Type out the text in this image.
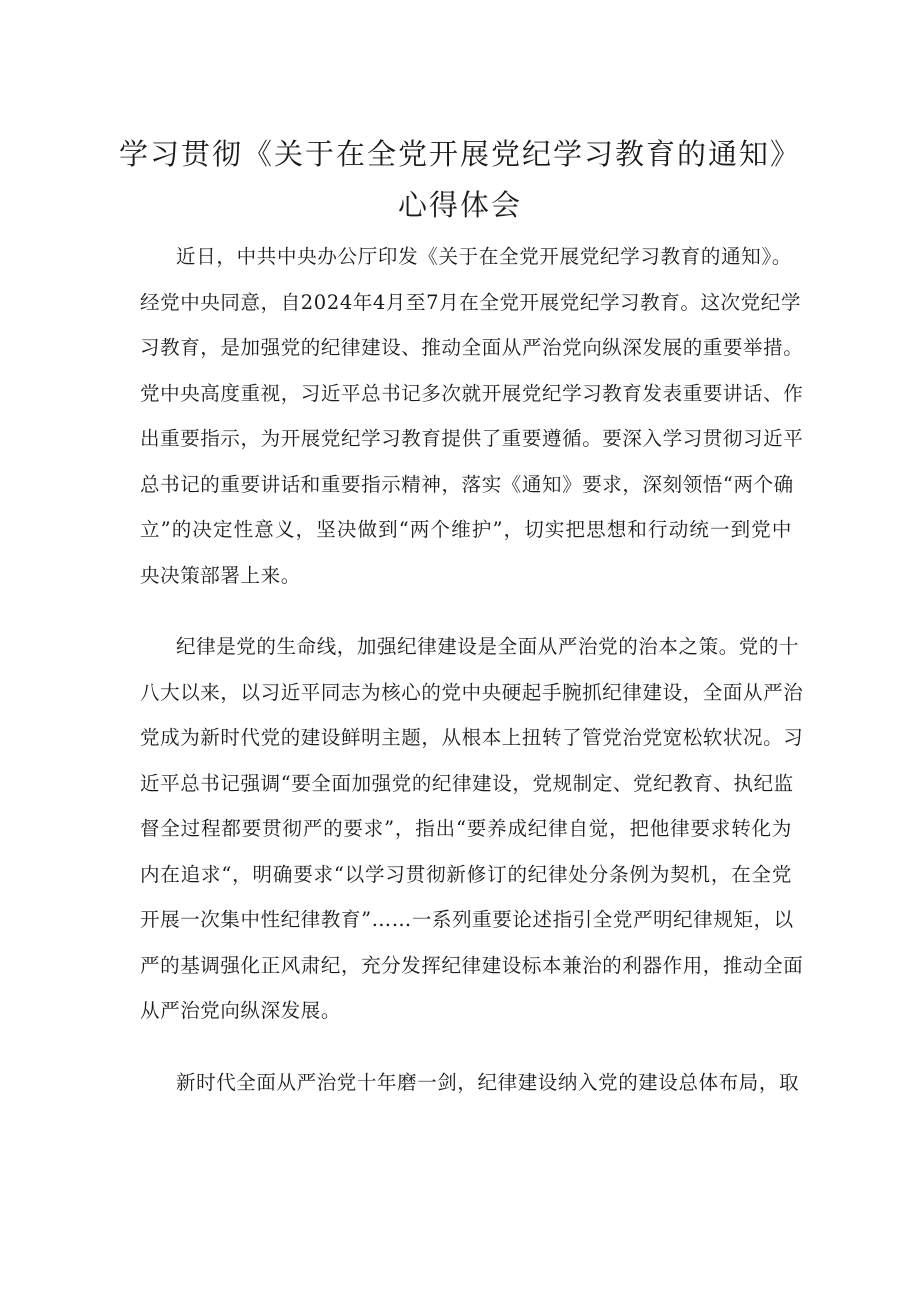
学习贯彻《关于在全党开展党纪学习教育的通知》
心得体会

近日，中共中央办公厅印发《关于在全党开展党纪学习教育的通知》。
经党中央同意，自2024年4月至7月在全党开展党纪学习教育。这次党纪学
习教育，是加强党的纪律建设、推动全面从严治党向纵深发展的重要举措。
党中央高度重视，习近平总书记多次就开展党纪学习教育发表重要讲话、作
出重要指示，为开展党纪学习教育提供了重要遵循。要深入学习贯彻习近平
总书记的重要讲话和重要指示精神，落实《通知》要求，深刻领悟“两个确
立”的决定性意义，坚决做到“两个维护”，切实把思想和行动统一到党中
央决策部署上来。

纪律是党的生命线，加强纪律建设是全面从严治党的治本之策。党的十
八大以来，以习近平同志为核心的党中央硬起手腕抓纪律建设，全面从严治
党成为新时代党的建设鲜明主题，从根本上扭转了管党治党宽松软状况。习
近平总书记强调“要全面加强党的纪律建设，党规制定、党纪教育、执纪监
督全过程都要贯彻严的要求”，指出“要养成纪律自觉，把他律要求转化为
内在追求“，明确要求“以学习贯彻新修订的纪律处分条例为契机，在全党
开展一次集中性纪律教育”……一系列重要论述指引全党严明纪律规矩，以
严的基调强化正风肃纪，充分发挥纪律建设标本兼治的利器作用，推动全面
从严治党向纵深发展。

新时代全面从严治党十年磨一剑，纪律建设纳入党的建设总体布局，取
